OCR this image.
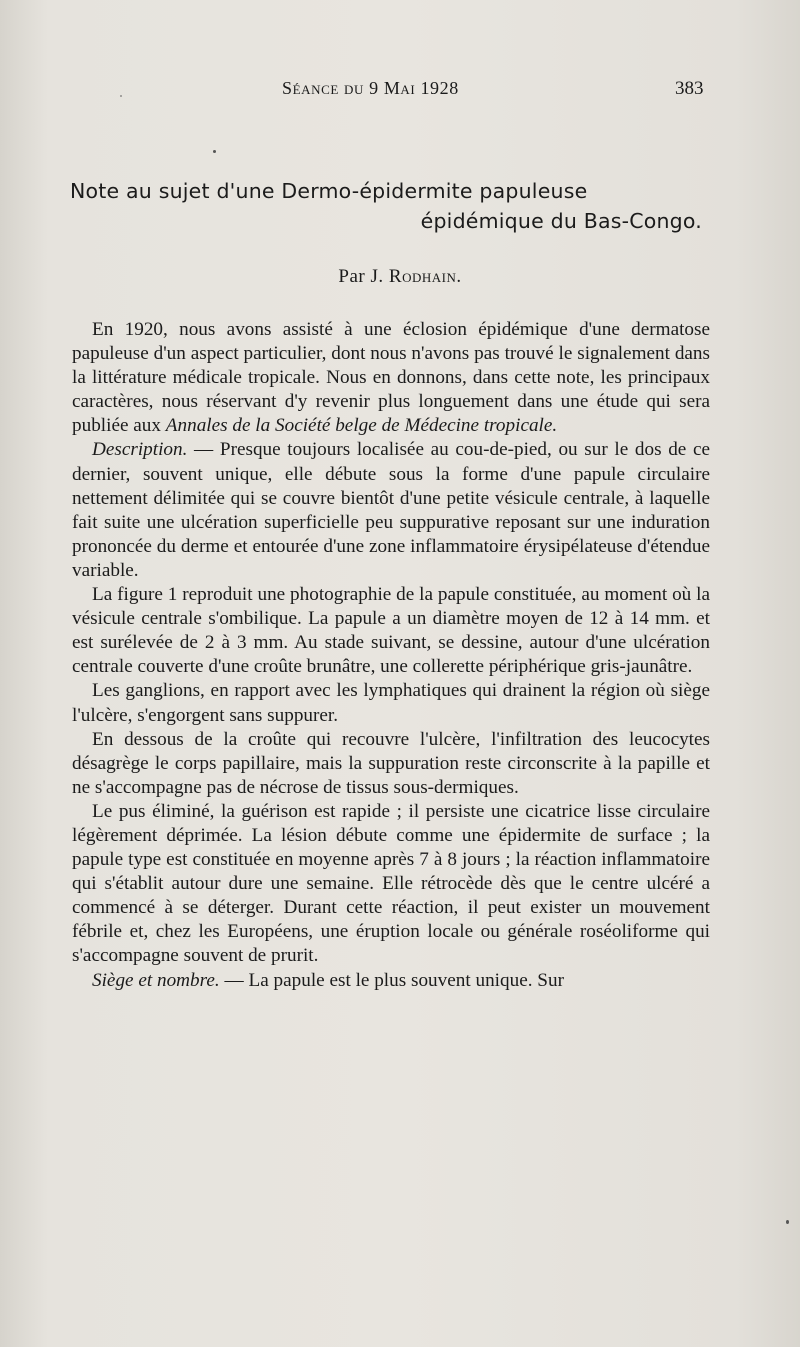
Séance du 9 Mai 1928	383
Note au sujet d'une Dermo-épidermite papuleuse
épidémique du Bas-Congo.
Par J. Rodhain.

En 1920, nous avons assisté à une éclosion épidémique d'une dermatose papuleuse d'un aspect particulier, dont nous n'avons pas trouvé le signalement dans la littérature médicale tropicale. Nous en donnons, dans cette note, les principaux caractères, nous réservant d'y revenir plus longuement dans une étude qui sera publiée aux Annales de la Société belge de Médecine tropicale.

Description. — Presque toujours localisée au cou-de-pied, ou sur le dos de ce dernier, souvent unique, elle débute sous la forme d'une papule circulaire nettement délimitée qui se couvre bientôt d'une petite vésicule centrale, à laquelle fait suite une ulcération superficielle peu suppurative reposant sur une induration prononcée du derme et entourée d'une zone inflammatoire érysipélateuse d'étendue variable.

La figure 1 reproduit une photographie de la papule constituée, au moment où la vésicule centrale s'ombilique. La papule a un diamètre moyen de 12 à 14 mm. et est surélevée de 2 à 3 mm. Au stade suivant, se dessine, autour d'une ulcération centrale couverte d'une croûte brunâtre, une collerette périphérique gris-jaunâtre.

Les ganglions, en rapport avec les lymphatiques qui drainent la région où siège l'ulcère, s'engorgent sans suppurer.

En dessous de la croûte qui recouvre l'ulcère, l'infiltration des leucocytes désagrège le corps papillaire, mais la suppuration reste circonscrite à la papille et ne s'accompagne pas de nécrose de tissus sous-dermiques.

Le pus éliminé, la guérison est rapide ; il persiste une cicatrice lisse circulaire légèrement déprimée. La lésion débute comme une épidermite de surface ; la papule type est constituée en moyenne après 7 à 8 jours ; la réaction inflammatoire qui s'établit autour dure une semaine. Elle rétrocède dès que le centre ulcéré a commencé à se déterger. Durant cette réaction, il peut exister un mouvement fébrile et, chez les Européens, une éruption locale ou générale roséoliforme qui s'accompagne souvent de prurit.

Siège et nombre. — La papule est le plus souvent unique. Sur
